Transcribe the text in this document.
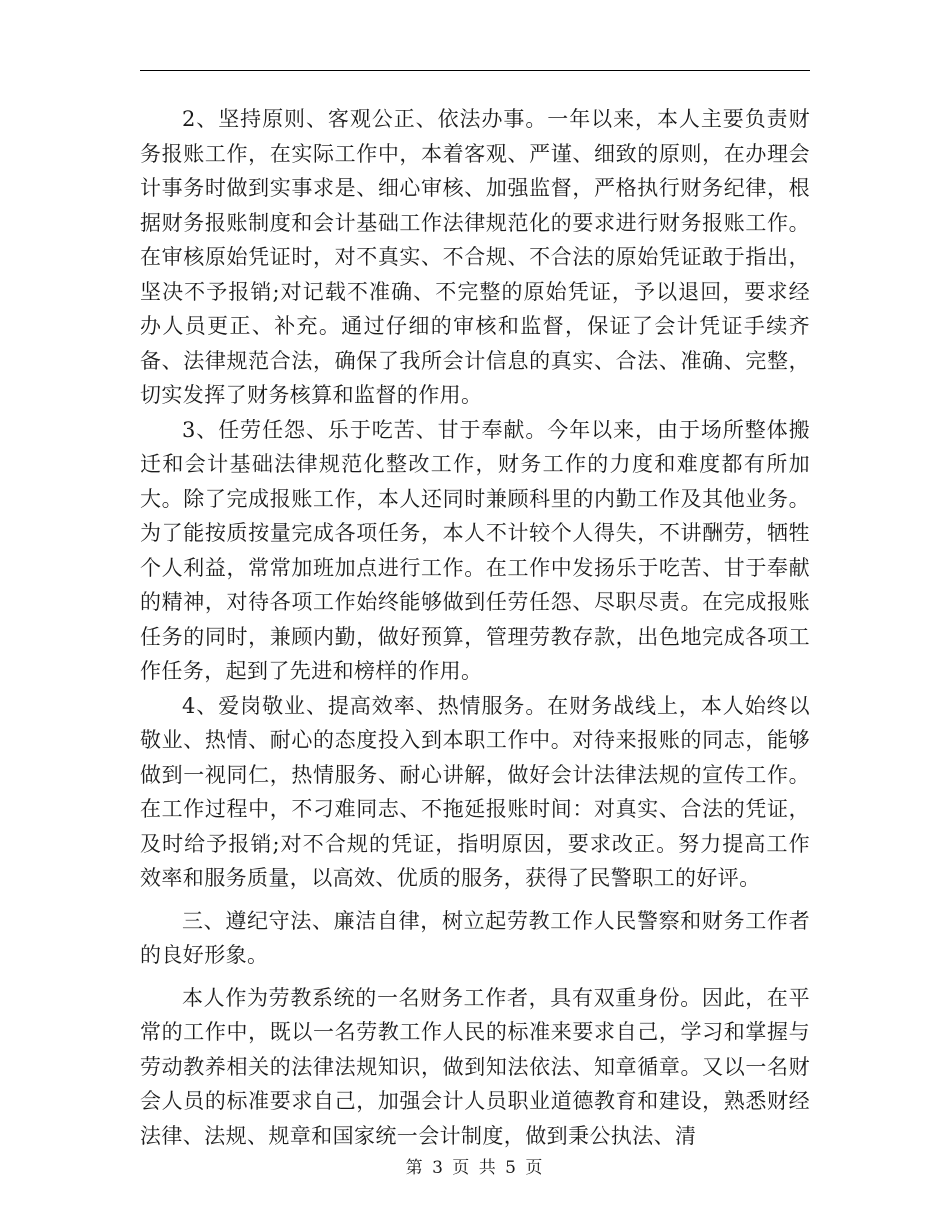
2、坚持原则、客观公正、依法办事。一年以来，本人主要负责财务报账工作，在实际工作中，本着客观、严谨、细致的原则，在办理会计事务时做到实事求是、细心审核、加强监督，严格执行财务纪律，根据财务报账制度和会计基础工作法律规范化的要求进行财务报账工作。在审核原始凭证时，对不真实、不合规、不合法的原始凭证敢于指出，坚决不予报销;对记载不准确、不完整的原始凭证，予以退回，要求经办人员更正、补充。通过仔细的审核和监督，保证了会计凭证手续齐备、法律规范合法，确保了我所会计信息的真实、合法、准确、完整，切实发挥了财务核算和监督的作用。

3、任劳任怨、乐于吃苦、甘于奉献。今年以来，由于场所整体搬迁和会计基础法律规范化整改工作，财务工作的力度和难度都有所加大。除了完成报账工作，本人还同时兼顾科里的内勤工作及其他业务。为了能按质按量完成各项任务，本人不计较个人得失，不讲酬劳，牺牲个人利益，常常加班加点进行工作。在工作中发扬乐于吃苦、甘于奉献的精神，对待各项工作始终能够做到任劳任怨、尽职尽责。在完成报账任务的同时，兼顾内勤，做好预算，管理劳教存款，出色地完成各项工作任务，起到了先进和榜样的作用。

4、爱岗敬业、提高效率、热情服务。在财务战线上，本人始终以敬业、热情、耐心的态度投入到本职工作中。对待来报账的同志，能够做到一视同仁，热情服务、耐心讲解，做好会计法律法规的宣传工作。在工作过程中，不刁难同志、不拖延报账时间：对真实、合法的凭证，及时给予报销;对不合规的凭证，指明原因，要求改正。努力提高工作效率和服务质量，以高效、优质的服务，获得了民警职工的好评。

三、遵纪守法、廉洁自律，树立起劳教工作人民警察和财务工作者的良好形象。

本人作为劳教系统的一名财务工作者，具有双重身份。因此，在平常的工作中，既以一名劳教工作人民的标准来要求自己，学习和掌握与劳动教养相关的法律法规知识，做到知法依法、知章循章。又以一名财会人员的标准要求自己，加强会计人员职业道德教育和建设，熟悉财经法律、法规、规章和国家统一会计制度，做到秉公执法、清

第 3 页 共 5 页
